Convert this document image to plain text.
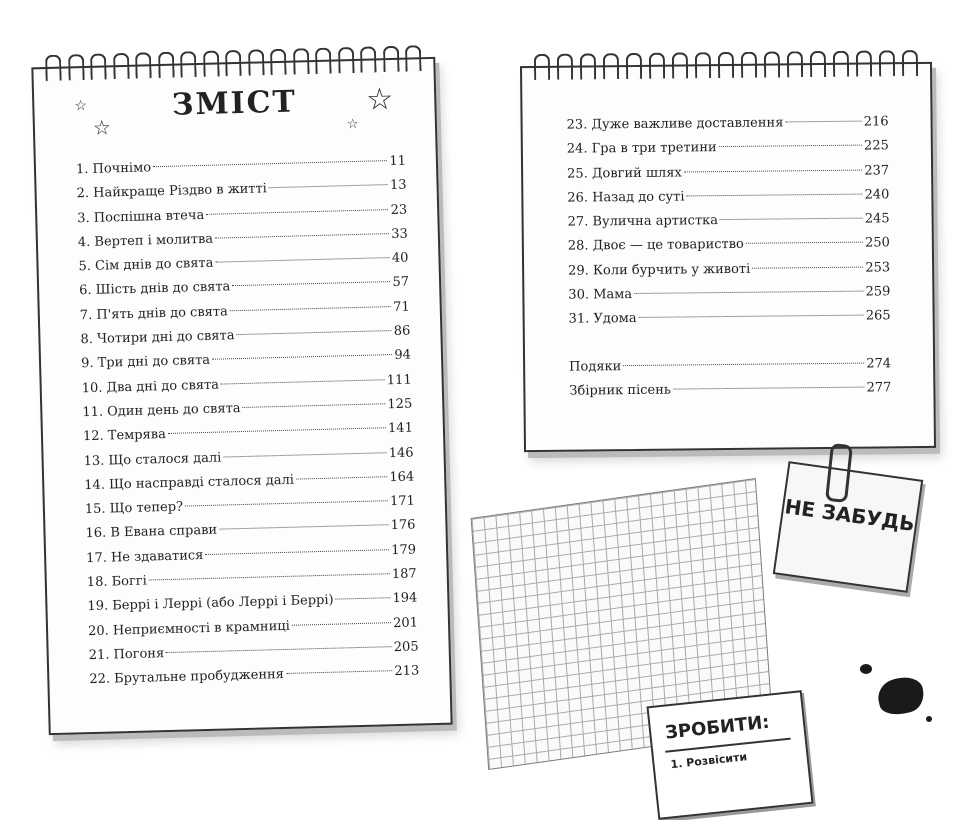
☆
☆
☆
☆
ЗМІСТ
1. Почнімо	11
2. Найкраще Різдво в житті	13
3. Поспішна втеча	23
4. Вертеп і молитва	33
5. Сім днів до свята	40
6. Шість днів до свята	57
7. П'ять днів до свята	71
8. Чотири дні до свята	86
9. Три дні до свята	94
10. Два дні до свята	111
11. Один день до свята	125
12. Темрява	141
13. Що сталося далі	146
14. Що насправді сталося далі	164
15. Що тепер?	171
16. В Евана справи	176
17. Не здаватися	179
18. Боггі	187
19. Беррі і Леррі (або Леррі і Беррі)	194
20. Неприємності в крамниці	201
21. Погоня	205
22. Брутальне пробудження	213
23. Дуже важливе доставлення	216
24. Гра в три третини	225
25. Довгий шлях	237
26. Назад до суті	240
27. Вулична артистка	245
28. Двоє — це товариство	250
29. Коли бурчить у животі	253
30. Мама	259
31. Удома	265
Подяки	274
Збірник пісень	277
НЕ ЗАБУДЬ
ЗРОБИТИ:
1. Розвісити
